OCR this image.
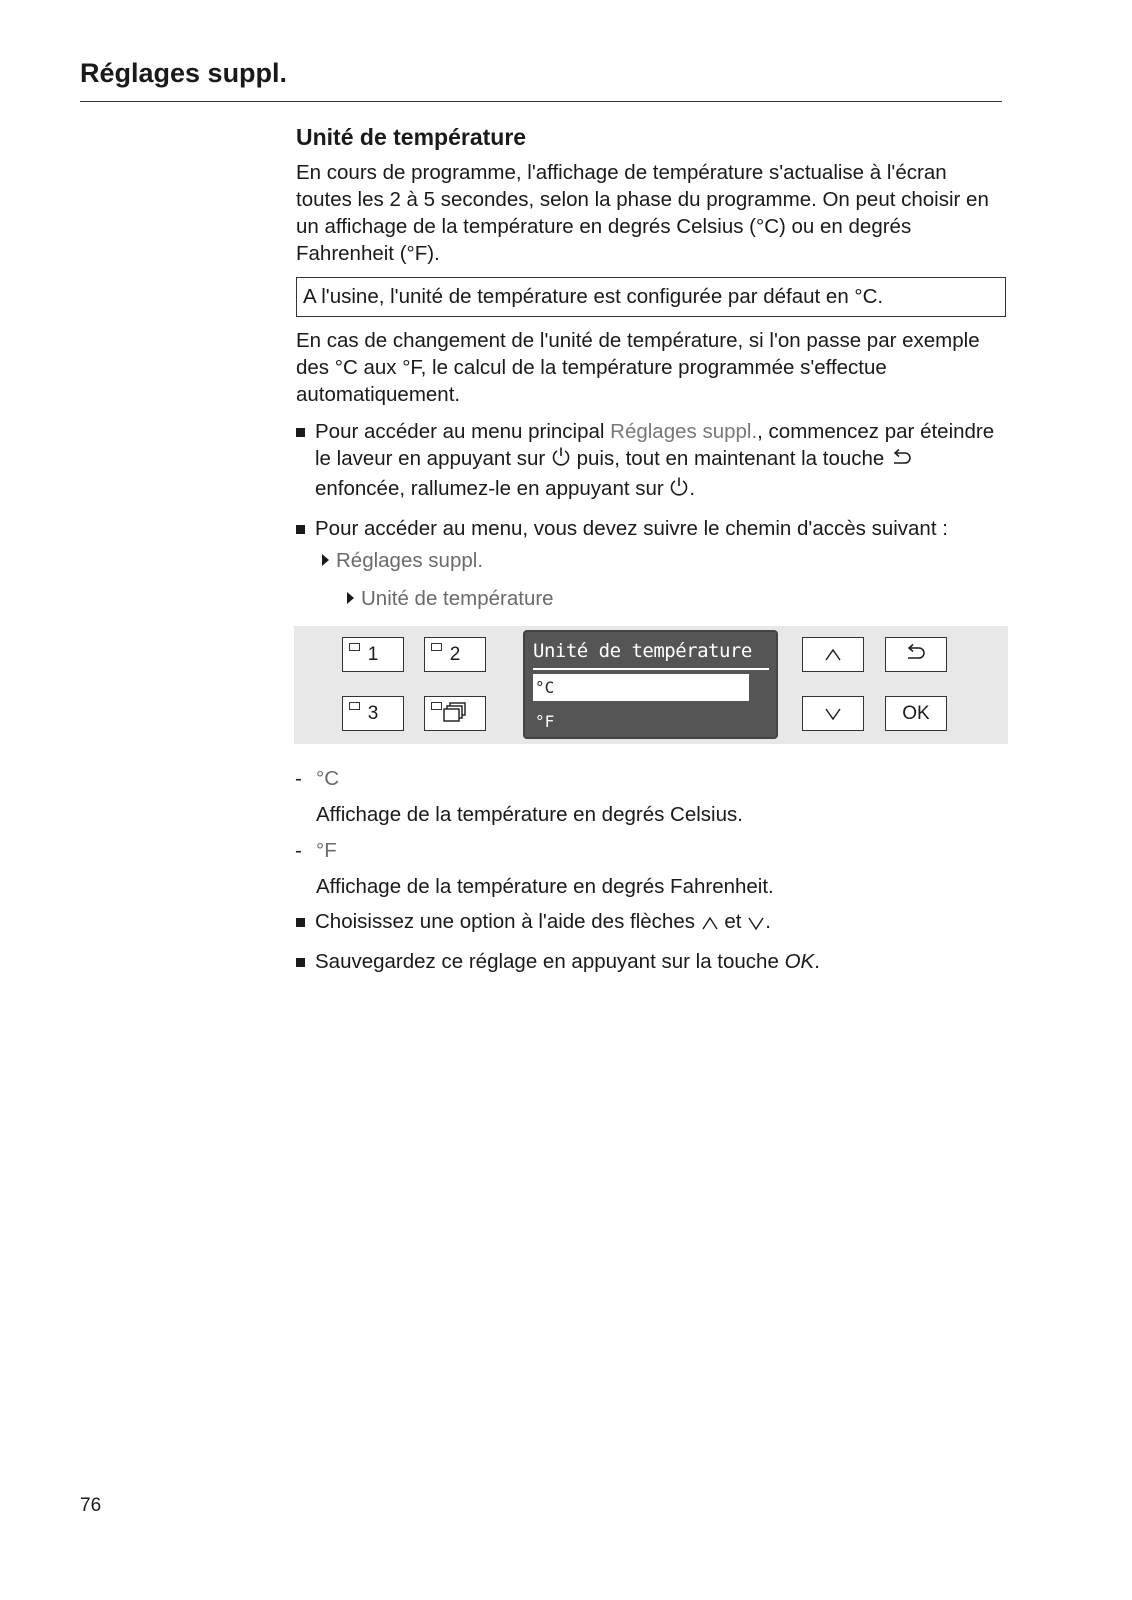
Réglages suppl.
Unité de température

En cours de programme, l'affichage de température s'actualise à l'écran toutes les 2 à 5 secondes, selon la phase du programme. On peut choisir en un affichage de la température en degrés Celsius (°C) ou en degrés Fahrenheit (°F).

A l'usine, l'unité de température est configurée par défaut en °C.

En cas de changement de l'unité de température, si l'on passe par exemple des °C aux °F, le calcul de la température programmée s'effectue automatiquement.

Pour accéder au menu principal Réglages suppl., commencez par éteindre le laveur en appuyant sur  puis, tout en maintenant la touche  enfoncée, rallumez-le en appuyant sur .
Pour accéder au menu, vous devez suivre le chemin d'accès suivant :
Réglages suppl.
Unité de température
1	2
3
Unité de température
°C
°F	OK
- °C
Affichage de la température en degrés Celsius.
- °F
Affichage de la température en degrés Fahrenheit.
Choisissez une option à l'aide des flèches  et .
Sauvegardez ce réglage en appuyant sur la touche OK.
76
